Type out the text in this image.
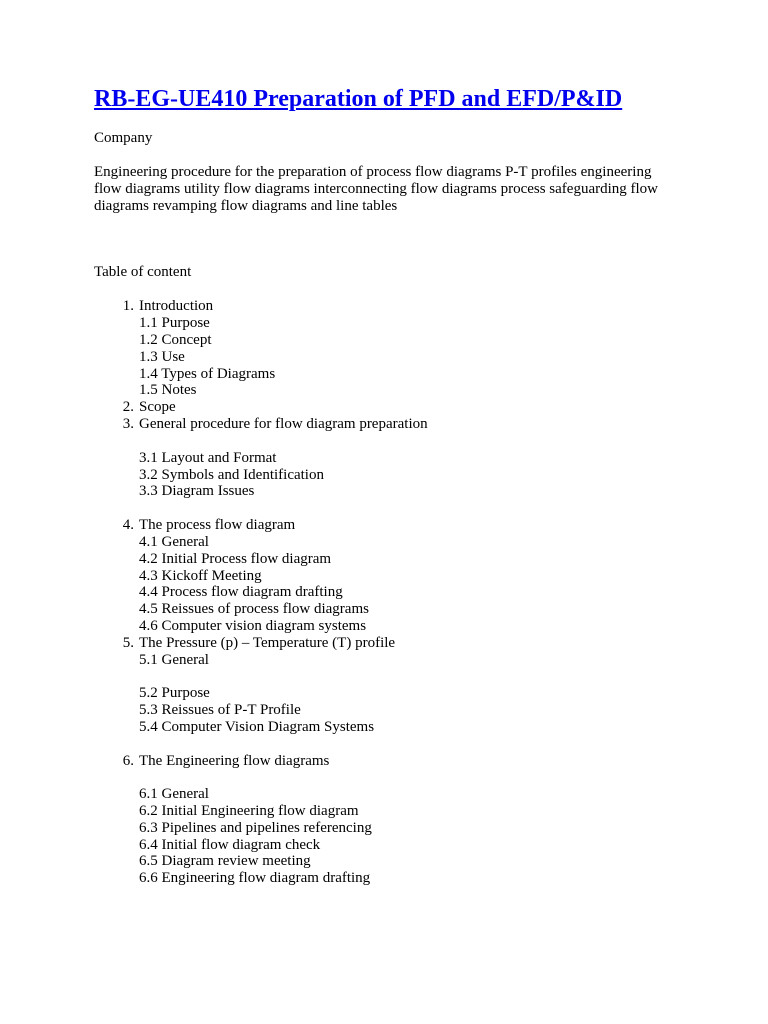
RB-EG-UE410 Preparation of PFD and EFD/P&ID
Company
Engineering procedure for the preparation of process flow diagrams P-T profiles engineering
flow diagrams utility flow diagrams interconnecting flow diagrams process safeguarding flow
diagrams revamping flow diagrams and line tables
Table of content
1. Introduction
1.1 Purpose
1.2 Concept
1.3 Use
1.4 Types of Diagrams
1.5 Notes
2. Scope
3. General procedure for flow diagram preparation
3.1 Layout and Format
3.2 Symbols and Identification
3.3 Diagram Issues
4. The process flow diagram
4.1 General
4.2 Initial Process flow diagram
4.3 Kickoff Meeting
4.4 Process flow diagram drafting
4.5 Reissues of process flow diagrams
4.6 Computer vision diagram systems
5. The Pressure (p) – Temperature (T) profile
5.1 General
5.2 Purpose
5.3 Reissues of P-T Profile
5.4 Computer Vision Diagram Systems
6. The Engineering flow diagrams
6.1 General
6.2 Initial Engineering flow diagram
6.3 Pipelines and pipelines referencing
6.4 Initial flow diagram check
6.5 Diagram review meeting
6.6 Engineering flow diagram drafting
